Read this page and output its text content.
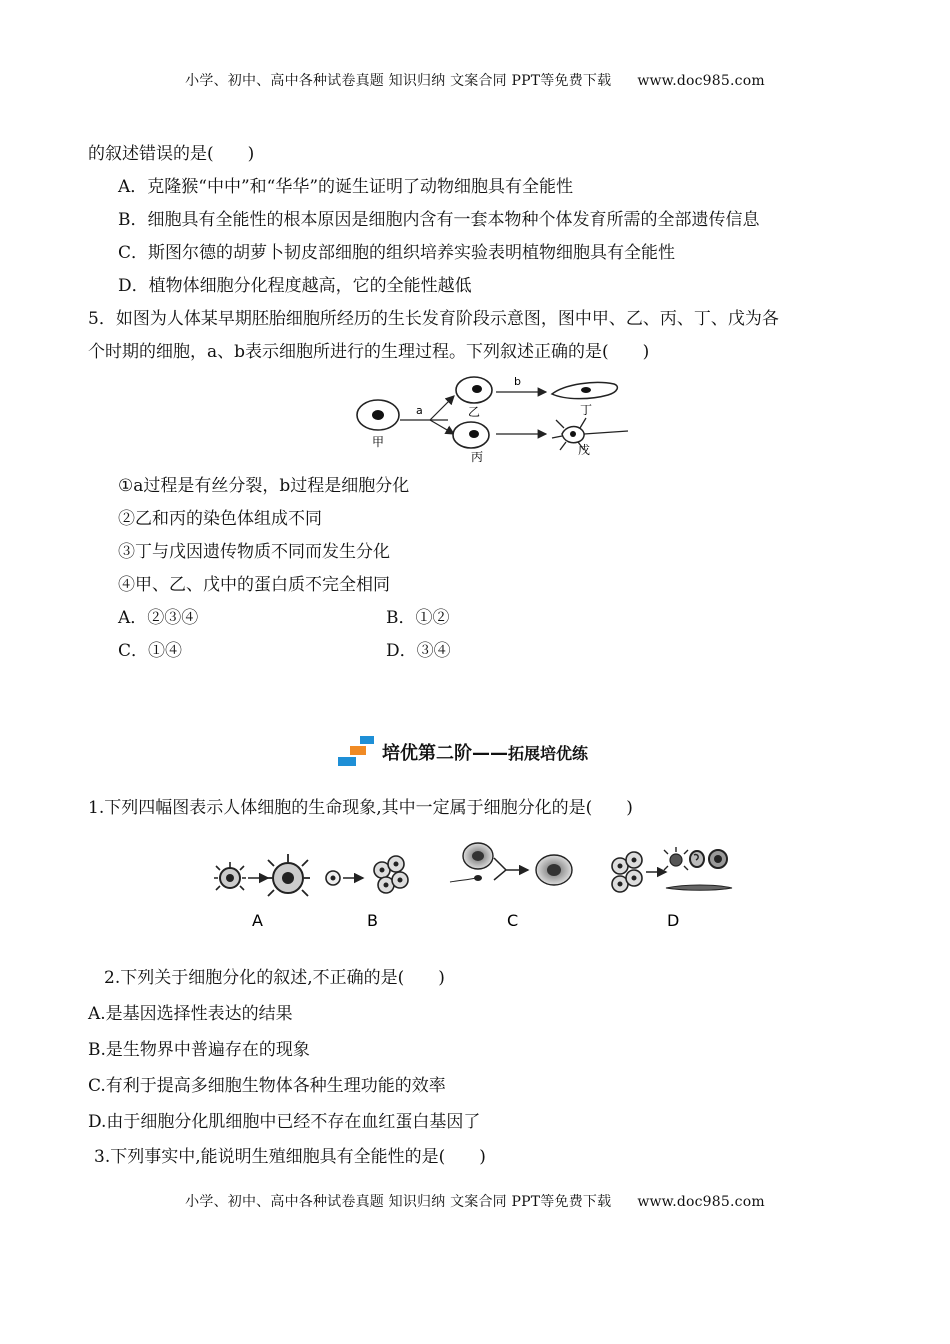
小学、初中、高中各种试卷真题 知识归纳 文案合同 PPT等免费下载 www.doc985.com
的叙述错误的是(　　)
A．克隆猴“中中”和“华华”的诞生证明了动物细胞具有全能性
B．细胞具有全能性的根本原因是细胞内含有一套本物种个体发育所需的全部遗传信息
C．斯图尔德的胡萝卜韧皮部细胞的组织培养实验表明植物细胞具有全能性
D．植物体细胞分化程度越高，它的全能性越低
5．如图为人体某早期胚胎细胞所经历的生长发育阶段示意图，图中甲、乙、丙、丁、戊为各
个时期的细胞，a、b表示细胞所进行的生理过程。下列叙述正确的是(　　)
甲
a	乙
丙
b
丁
戊
①a过程是有丝分裂，b过程是细胞分化
②乙和丙的染色体组成不同
③丁与戊因遗传物质不同而发生分化
④甲、乙、戊中的蛋白质不完全相同
A．②③④	B．①②
C．①④	D．③④
培优第二阶——拓展培优练
1.下列四幅图表示人体细胞的生命现象,其中一定属于细胞分化的是(　　)
A	B	C	D
2.下列关于细胞分化的叙述,不正确的是(　　)
A.是基因选择性表达的结果
B.是生物界中普遍存在的现象
C.有利于提高多细胞生物体各种生理功能的效率
D.由于细胞分化肌细胞中已经不存在血红蛋白基因了
3.下列事实中,能说明生殖细胞具有全能性的是(　　)
小学、初中、高中各种试卷真题 知识归纳 文案合同 PPT等免费下载 www.doc985.com
